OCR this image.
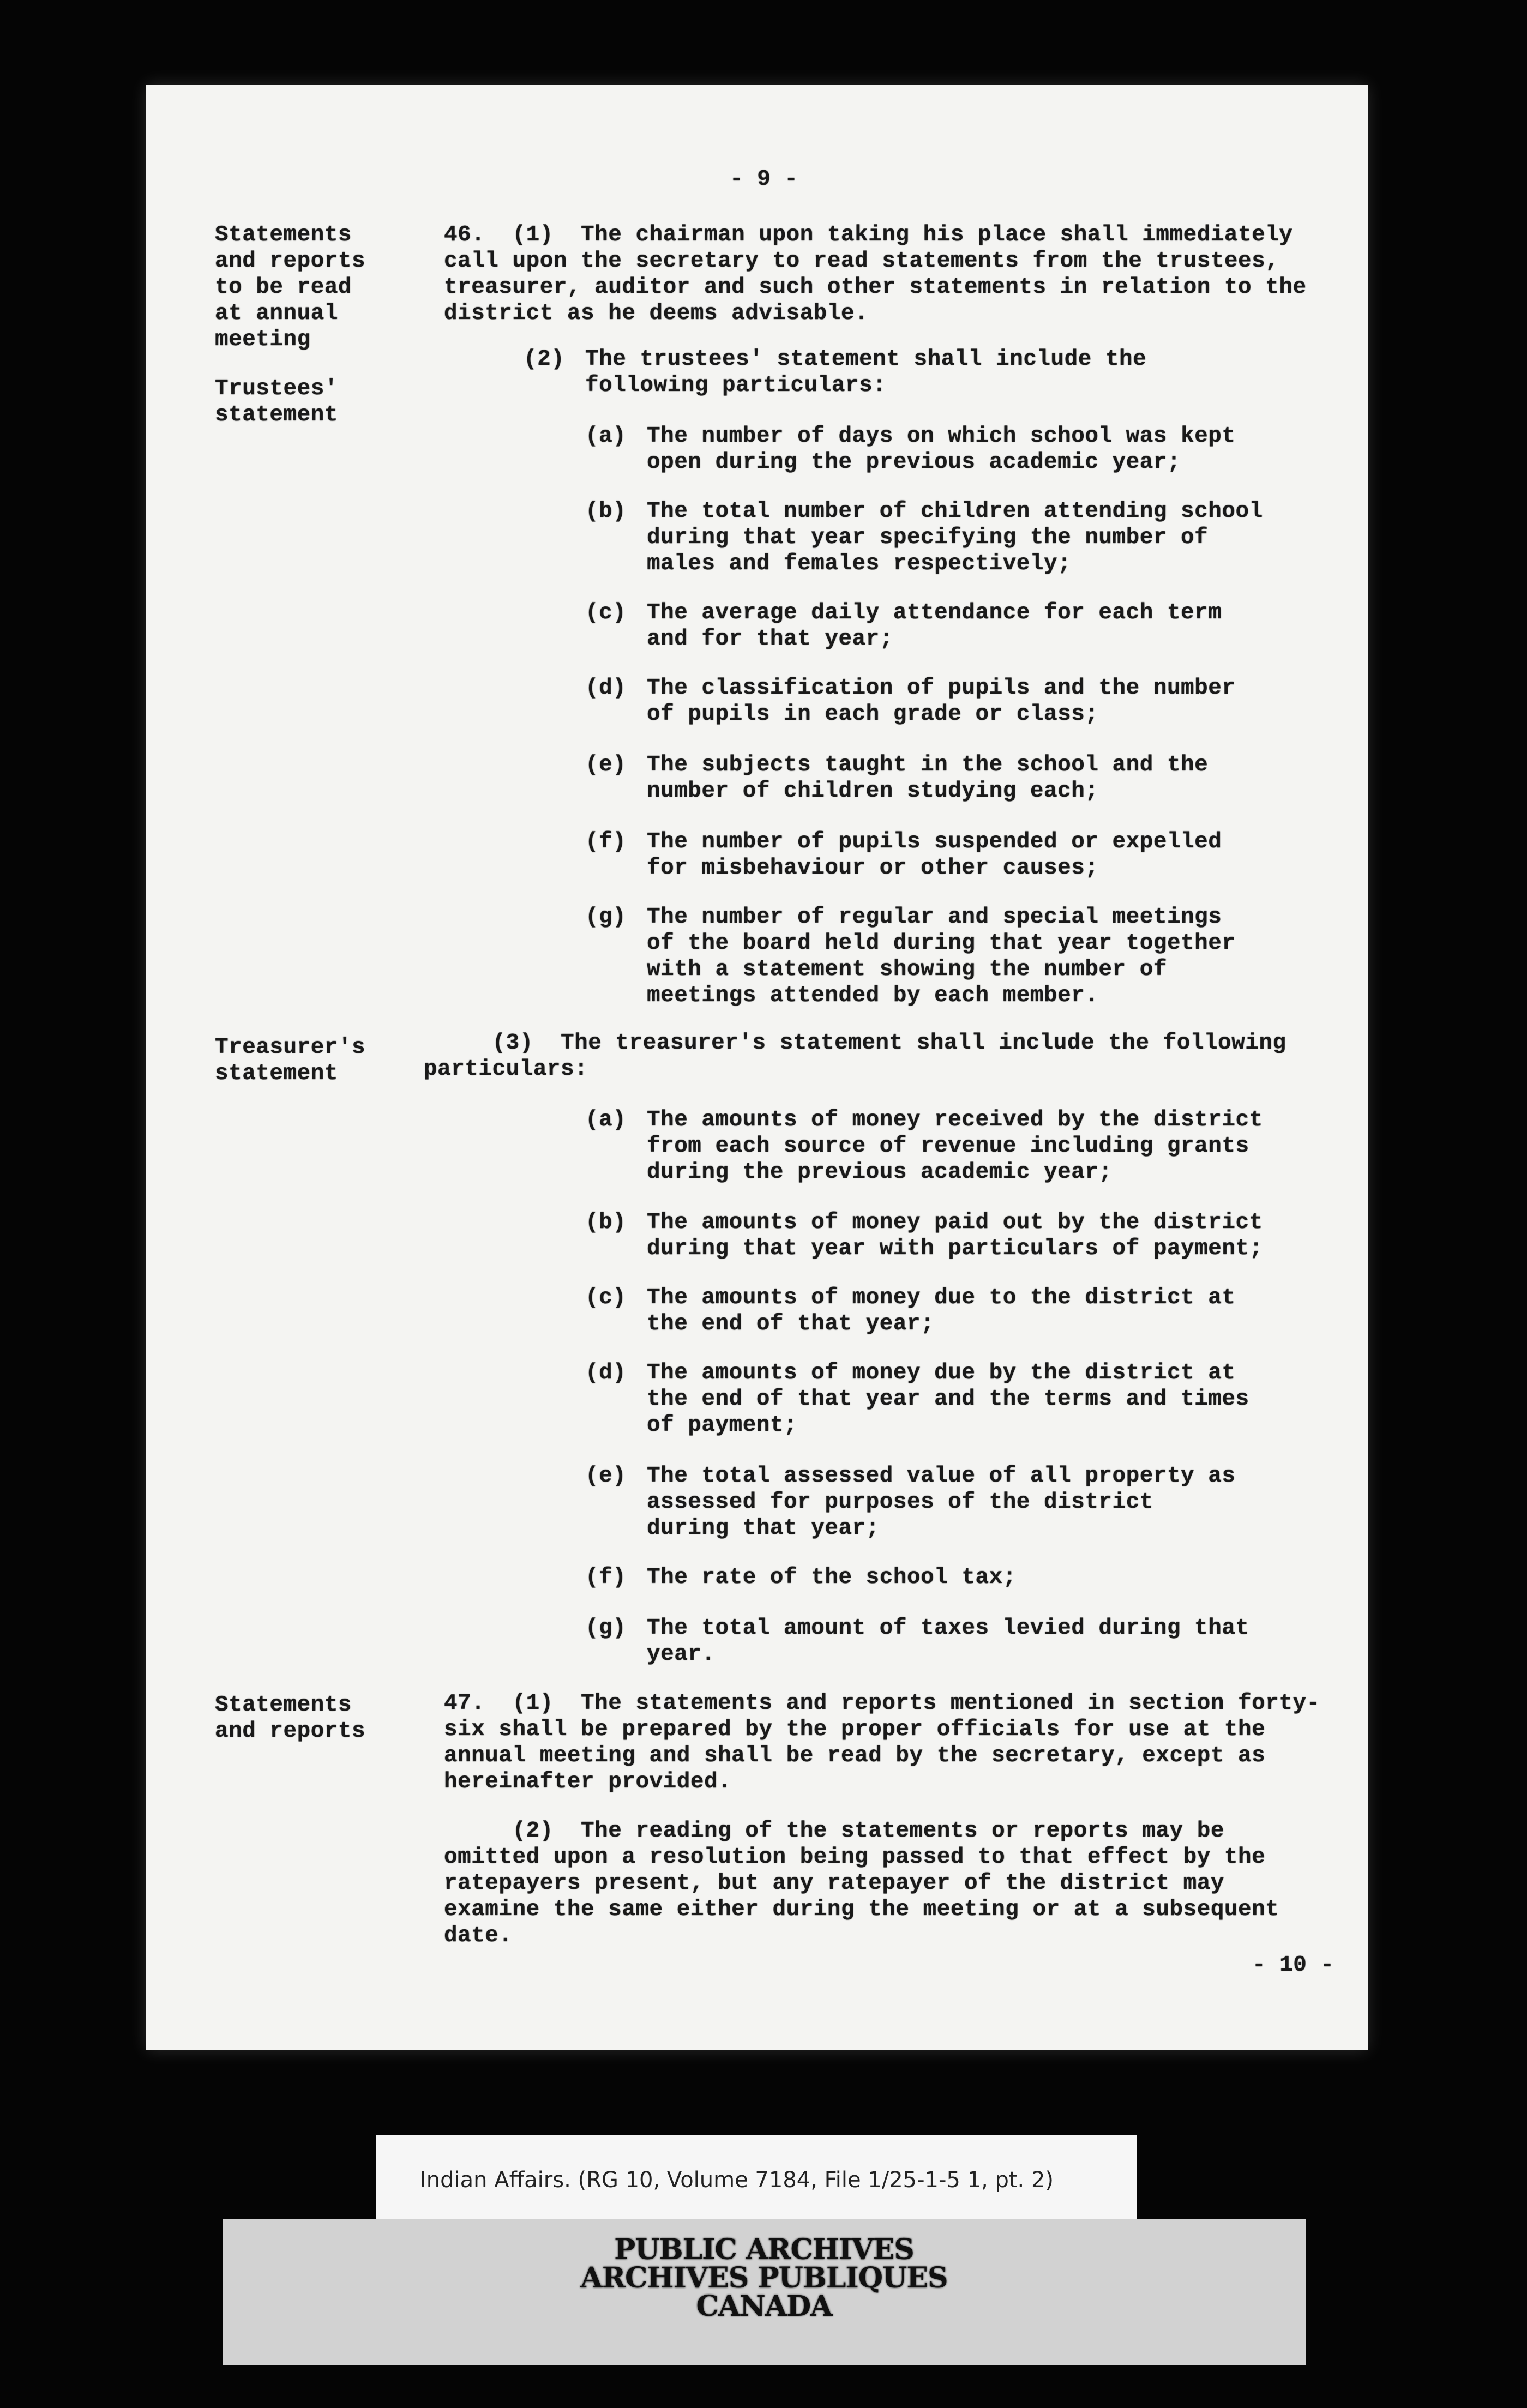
- 9 -
Statements
and reports
to be read
at annual
meeting
Trustees'
statement
Treasurer's
statement
Statements
and reports
46.  (1)  The chairman upon taking his place shall immediately
call upon the secretary to read statements from the trustees,
treasurer, auditor and such other statements in relation to the
district as he deems advisable.
(2) The trustees' statement shall include the
following particulars:
(a) The number of days on which school was kept
open during the previous academic year;
(b) The total number of children attending school
during that year specifying the number of
males and females respectively;
(c) The average daily attendance for each term
and for that year;
(d) The classification of pupils and the number
of pupils in each grade or class;
(e) The subjects taught in the school and the
number of children studying each;
(f) The number of pupils suspended or expelled
for misbehaviour or other causes;
(g) The number of regular and special meetings
of the board held during that year together
with a statement showing the number of
meetings attended by each member.
(3)  The treasurer's statement shall include the following
particulars:
(a) The amounts of money received by the district
from each source of revenue including grants
during the previous academic year;
(b) The amounts of money paid out by the district
during that year with particulars of payment;
(c) The amounts of money due to the district at
the end of that year;
(d) The amounts of money due by the district at
the end of that year and the terms and times
of payment;
(e) The total assessed value of all property as
assessed for purposes of the district
during that year;
(f) The rate of the school tax;
(g) The total amount of taxes levied during that
year.
47.  (1)  The statements and reports mentioned in section forty-
six shall be prepared by the proper officials for use at the
annual meeting and shall be read by the secretary, except as
hereinafter provided.
(2)  The reading of the statements or reports may be
omitted upon a resolution being passed to that effect by the
ratepayers present, but any ratepayer of the district may
examine the same either during the meeting or at a subsequent
date.
- 10 -
Indian Affairs. (RG 10, Volume 7184, File 1/25-1-5 1, pt. 2)
PUBLIC ARCHIVES
ARCHIVES PUBLIQUES
CANADA
